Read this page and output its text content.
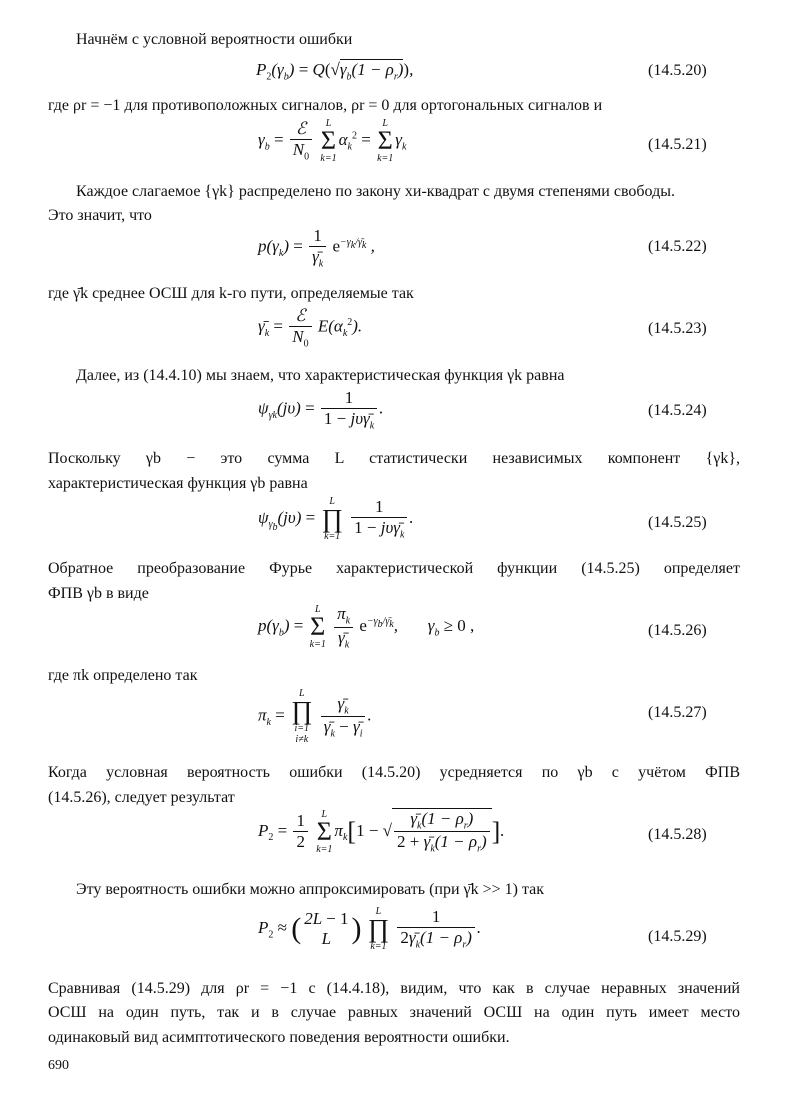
Начнём с условной вероятности ошибки
$P_2(\gamma_b) = Q(√\gamma_b(1 - \rho_r))$,	(14.5.20)
где ρr = −1 для противоположных сигналов, ρr = 0 для ортогональных сигналов и
$\gamma_b = \frac{\text{ℰ}}{N_0}$
	L
Σ
k=1
$\alpha_k^2$ =
L
Σ
k=1
$\gamma_k$	(14.5.21)
Каждое слагаемое {γk} распределено по закону хи-квадрат с двумя степенями свободы.
Это значит, что
$p(\gamma_k) = \frac{1}{\gammā_k} e^{-\gamma_k/\gammā_k}$ ,	(14.5.22)
где γ̄k среднее ОСШ для k-го пути, определяемые так
$\gammā_k = \frac{\text{ℰ}}{N_0} E(\alpha_k^2)$.	(14.5.23)
Далее, из (14.4.10) мы знаем, что характеристическая функция γk равна
$\psi_{\gamma k}(j\upsilon) = \frac{1}{1 - j\upsilon\gammā_k}$ .	(14.5.24)
Поскольку γb − это сумма L статистически независимых компонент {γk},
характеристическая функция γb равна
$\psi_{\gamma_b}(j\upsilon)$ =
L
∏
k=1
$\frac{1}{1 - j\upsilon\gammā_k}$ .	(14.5.25)
Обратное преобразование Фурье характеристической функции (14.5.25) определяет
ФПВ γb в виде
$p(\gamma_b)$ =
L
Σ
k=1
$\frac{\pi_k}{\gammā_k} e^{-\gamma_b/\gammā_k}$,       $\gamma_b \ge 0$ ,	(14.5.26)
где πk определено так
$\pi_k$ =
L
∏
i=1
i≠k

$\frac{\gammā_k}{\gammā_k - \gammā_i}$ .	(14.5.27)
Когда условная вероятность ошибки (14.5.20) усредняется по γb с учётом ФПВ
(14.5.26), следует результат
$P_2 = \frac{1}{2}$
	L
Σ
k=1
$\pi_k[1$ − √ $\frac{\gammā_k(1 - \rho_r)}{2 + \gammā_k(1 - \rho_r)}$ ].	(14.5.28)
Эту вероятность ошибки можно аппроксимировать (при γ̄k >> 1) так
$P_2$ ≈ ( 2L − 1
L )
L
∏
k=1
$\frac{1}{2\gammā_k(1 - \rho_r)}$ .	(14.5.29)
Сравнивая (14.5.29) для ρr = −1 с (14.4.18), видим, что как в случае неравных значений
ОСШ на один путь, так и в случае равных значений ОСШ на один путь имеет место
одинаковый вид асимптотического поведения вероятности ошибки.
690
